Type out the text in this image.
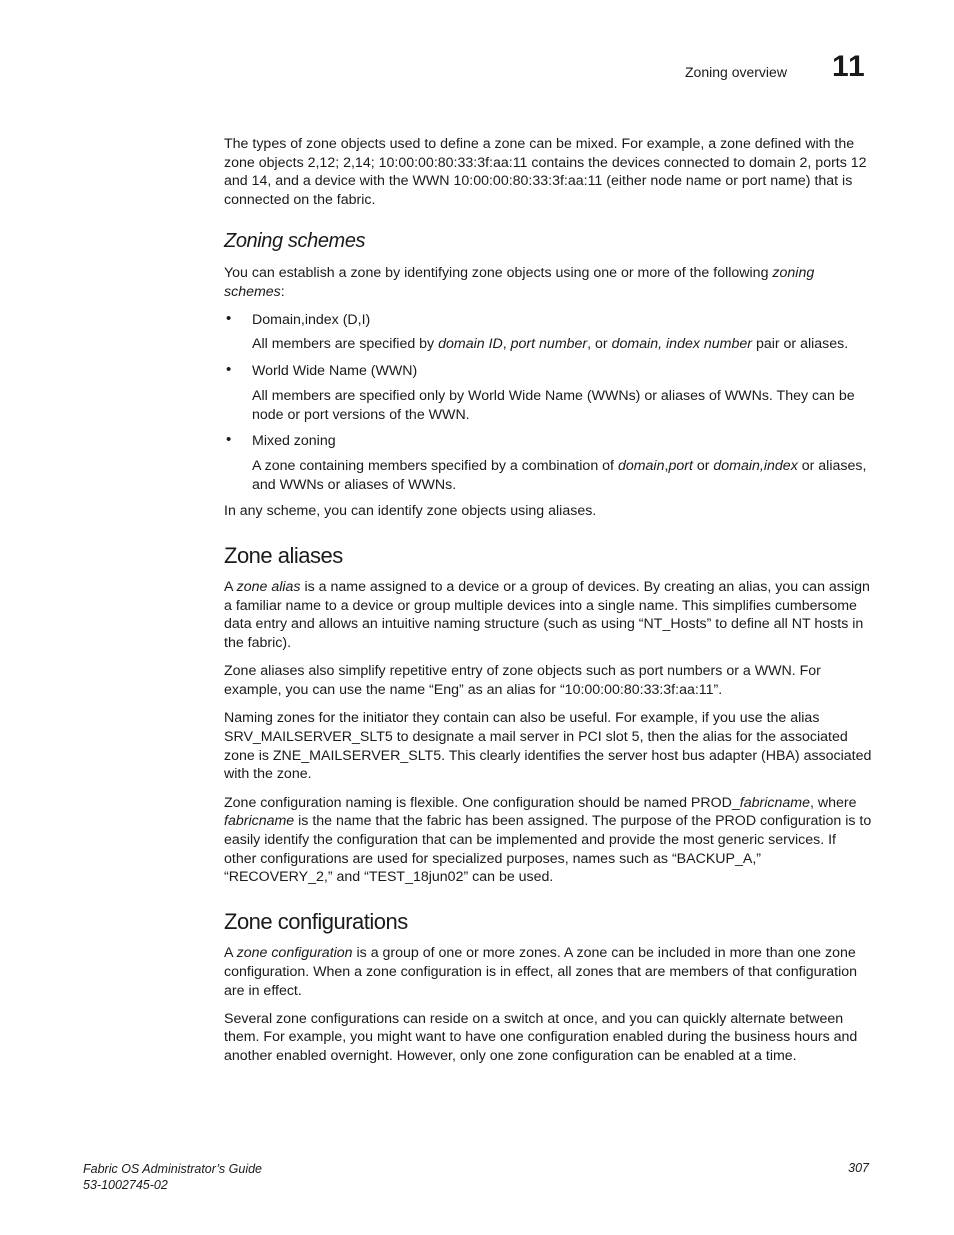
Zoning overview 11

The types of zone objects used to define a zone can be mixed. For example, a zone defined with the zone objects 2,12; 2,14; 10:00:00:80:33:3f:aa:11 contains the devices connected to domain 2, ports 12 and 14, and a device with the WWN 10:00:00:80:33:3f:aa:11 (either node name or port name) that is connected on the fabric.

Zoning schemes

You can establish a zone by identifying zone objects using one or more of the following zoning schemes:

• Domain,index (D,I)
All members are specified by domain ID, port number, or domain, index number pair or aliases.
• World Wide Name (WWN)
All members are specified only by World Wide Name (WWNs) or aliases of WWNs. They can be node or port versions of the WWN.
• Mixed zoning
A zone containing members specified by a combination of domain,port or domain,index or aliases, and WWNs or aliases of WWNs.

In any scheme, you can identify zone objects using aliases.

Zone aliases

A zone alias is a name assigned to a device or a group of devices. By creating an alias, you can assign a familiar name to a device or group multiple devices into a single name. This simplifies cumbersome data entry and allows an intuitive naming structure (such as using “NT_Hosts” to define all NT hosts in the fabric).

Zone aliases also simplify repetitive entry of zone objects such as port numbers or a WWN. For example, you can use the name “Eng” as an alias for “10:00:00:80:33:3f:aa:11”.

Naming zones for the initiator they contain can also be useful. For example, if you use the alias SRV_MAILSERVER_SLT5 to designate a mail server in PCI slot 5, then the alias for the associated zone is ZNE_MAILSERVER_SLT5. This clearly identifies the server host bus adapter (HBA) associated with the zone.

Zone configuration naming is flexible. One configuration should be named PROD_fabricname, where fabricname is the name that the fabric has been assigned. The purpose of the PROD configuration is to easily identify the configuration that can be implemented and provide the most generic services. If other configurations are used for specialized purposes, names such as “BACKUP_A,” “RECOVERY_2,” and “TEST_18jun02” can be used.

Zone configurations

A zone configuration is a group of one or more zones. A zone can be included in more than one zone configuration. When a zone configuration is in effect, all zones that are members of that configuration are in effect.

Several zone configurations can reside on a switch at once, and you can quickly alternate between them. For example, you might want to have one configuration enabled during the business hours and another enabled overnight. However, only one zone configuration can be enabled at a time.

Fabric OS Administrator’s Guide
53-1002745-02
307
